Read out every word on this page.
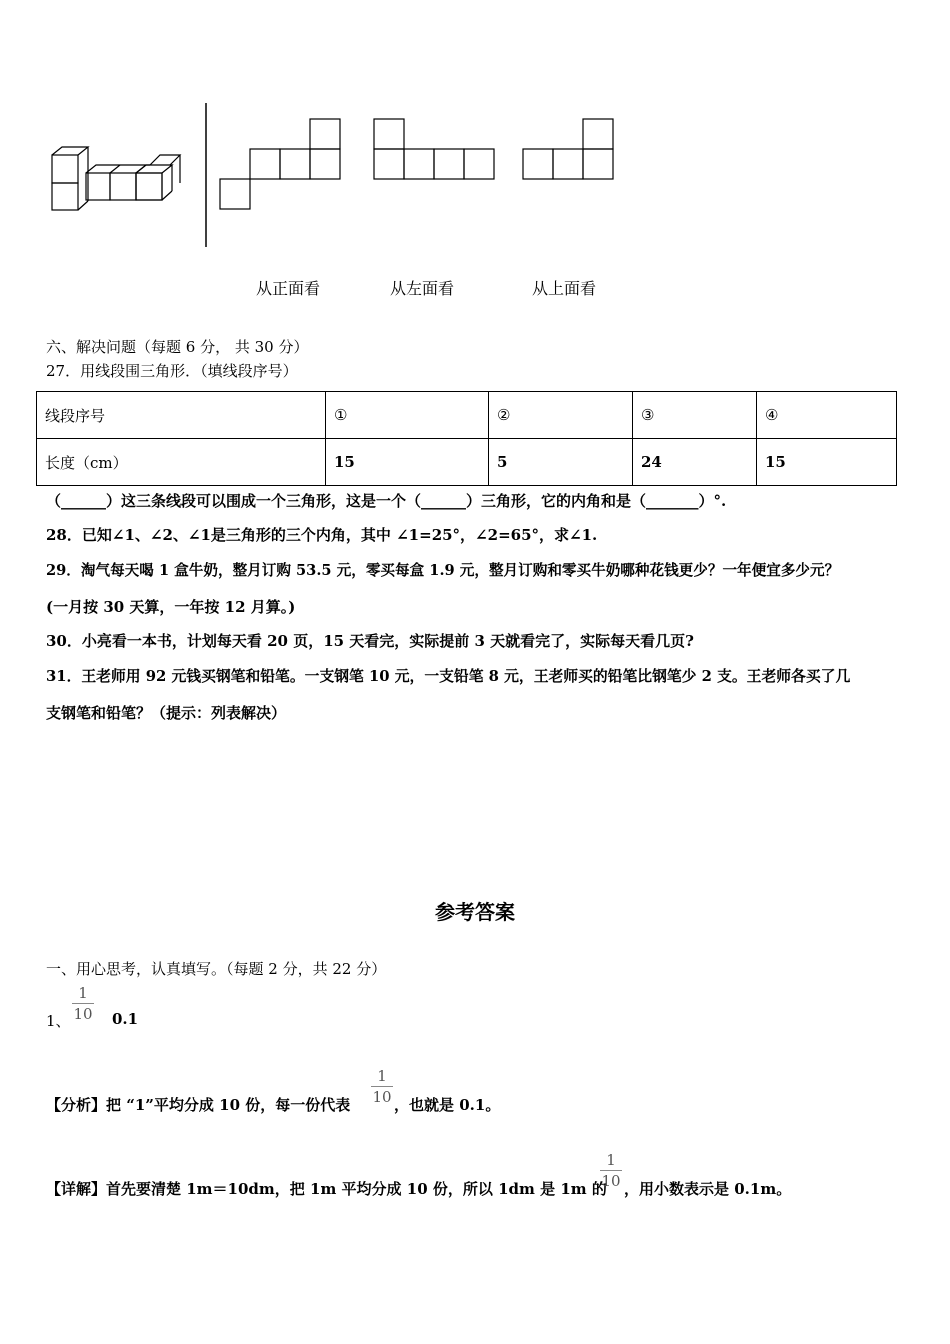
从正面看	从左面看	从上面看
六、解决问题（每题 6 分， 共 30 分）
27．用线段围三角形．（填线段序号）
线段序号	①	②	③	④
长度（cm）	15	5	24	15
（______）这三条线段可以围成一个三角形，这是一个（______）三角形，它的内角和是（_______）°.
28．已知∠1、∠2、∠1是三角形的三个内角，其中 ∠1=25°，∠2=65°，求∠1.
29．淘气每天喝 1 盒牛奶，整月订购 53.5 元，零买每盒 1.9 元，整月订购和零买牛奶哪种花钱更少？一年便宜多少元？
(一月按 30 天算，一年按 12 月算。)
30．小亮看一本书，计划每天看 20 页，15 天看完，实际提前 3 天就看完了，实际每天看几页?
31．王老师用 92 元钱买钢笔和铅笔。一支钢笔 10 元，一支铅笔 8 元，王老师买的铅笔比钢笔少 2 支。王老师各买了几
支钢笔和铅笔？（提示：列表解决）
参考答案
一、用心思考，认真填写。（每题 2 分，共 22 分）
1、
1
10 0.1
【分析】把 “1”平均分成 10 份，每一份代表
1
10 ，也就是 0.1。
【详解】首先要清楚 1m＝10dm，把 1m 平均分成 10 份，所以 1dm 是 1m 的
1
10 ，用小数表示是 0.1m。
